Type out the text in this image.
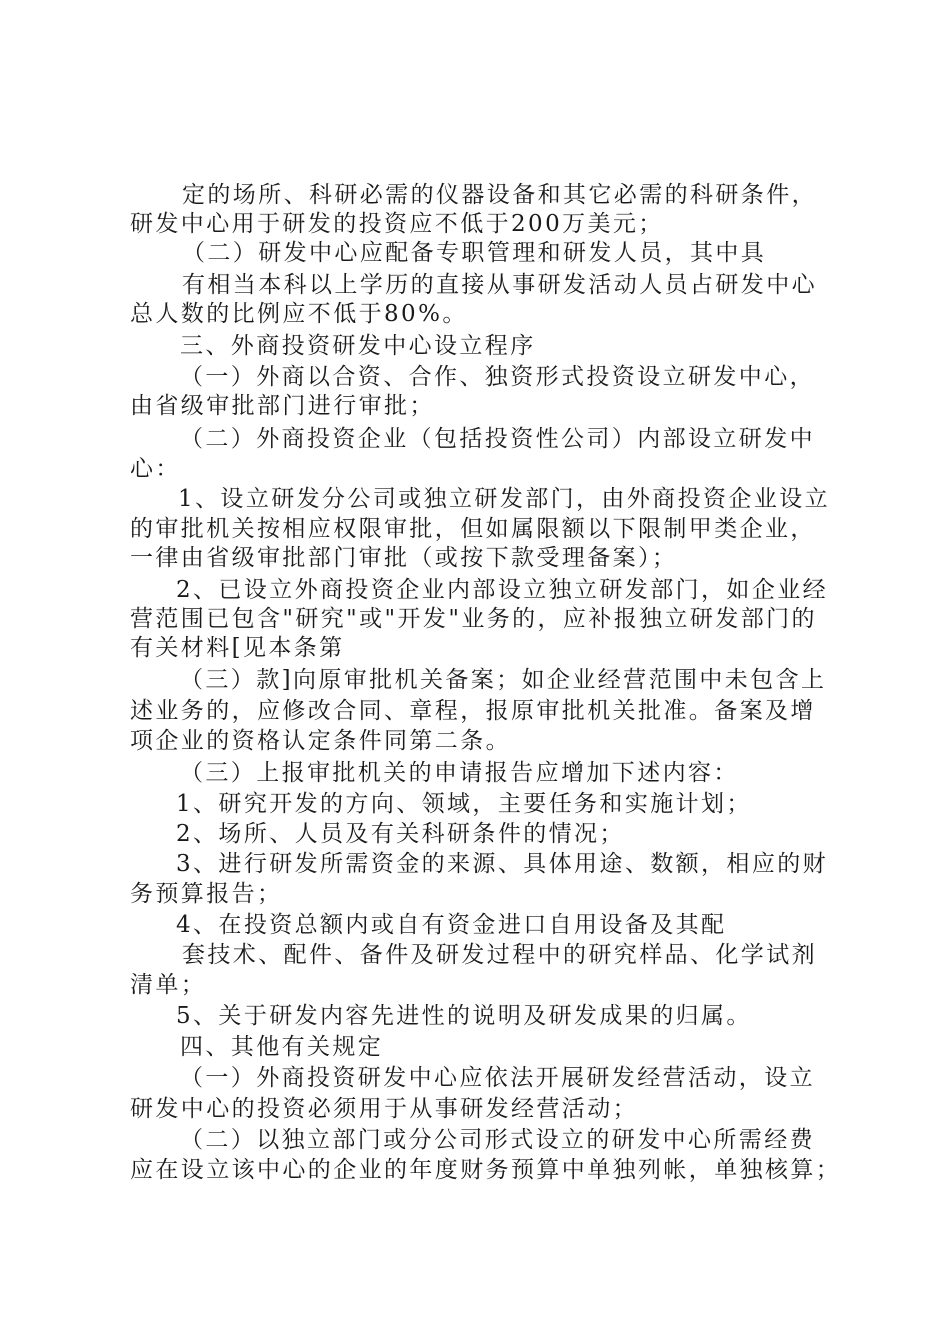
定的场所、科研必需的仪器设备和其它必需的科研条件，

研发中心用于研发的投资应不低于200万美元；

（二）研发中心应配备专职管理和研发人员，其中具

有相当本科以上学历的直接从事研发活动人员占研发中心

总人数的比例应不低于80%。

三、外商投资研发中心设立程序

（一）外商以合资、合作、独资形式投资设立研发中心，

由省级审批部门进行审批；

（二）外商投资企业（包括投资性公司）内部设立研发中

心：

1、设立研发分公司或独立研发部门，由外商投资企业设立

的审批机关按相应权限审批，但如属限额以下限制甲类企业，

一律由省级审批部门审批（或按下款受理备案）；

2、已设立外商投资企业内部设立独立研发部门，如企业经

营范围已包含"研究"或"开发"业务的，应补报独立研发部门的

有关材料[见本条第

（三）款]向原审批机关备案；如企业经营范围中未包含上

述业务的，应修改合同、章程，报原审批机关批准。备案及增

项企业的资格认定条件同第二条。

（三）上报审批机关的申请报告应增加下述内容：

1、研究开发的方向、领域，主要任务和实施计划；

2、场所、人员及有关科研条件的情况；

3、进行研发所需资金的来源、具体用途、数额，相应的财

务预算报告；

4、在投资总额内或自有资金进口自用设备及其配

套技术、配件、备件及研发过程中的研究样品、化学试剂

清单；

5、关于研发内容先进性的说明及研发成果的归属。

四、其他有关规定

（一）外商投资研发中心应依法开展研发经营活动，设立

研发中心的投资必须用于从事研发经营活动；

（二）以独立部门或分公司形式设立的研发中心所需经费

应在设立该中心的企业的年度财务预算中单独列帐，单独核算；
